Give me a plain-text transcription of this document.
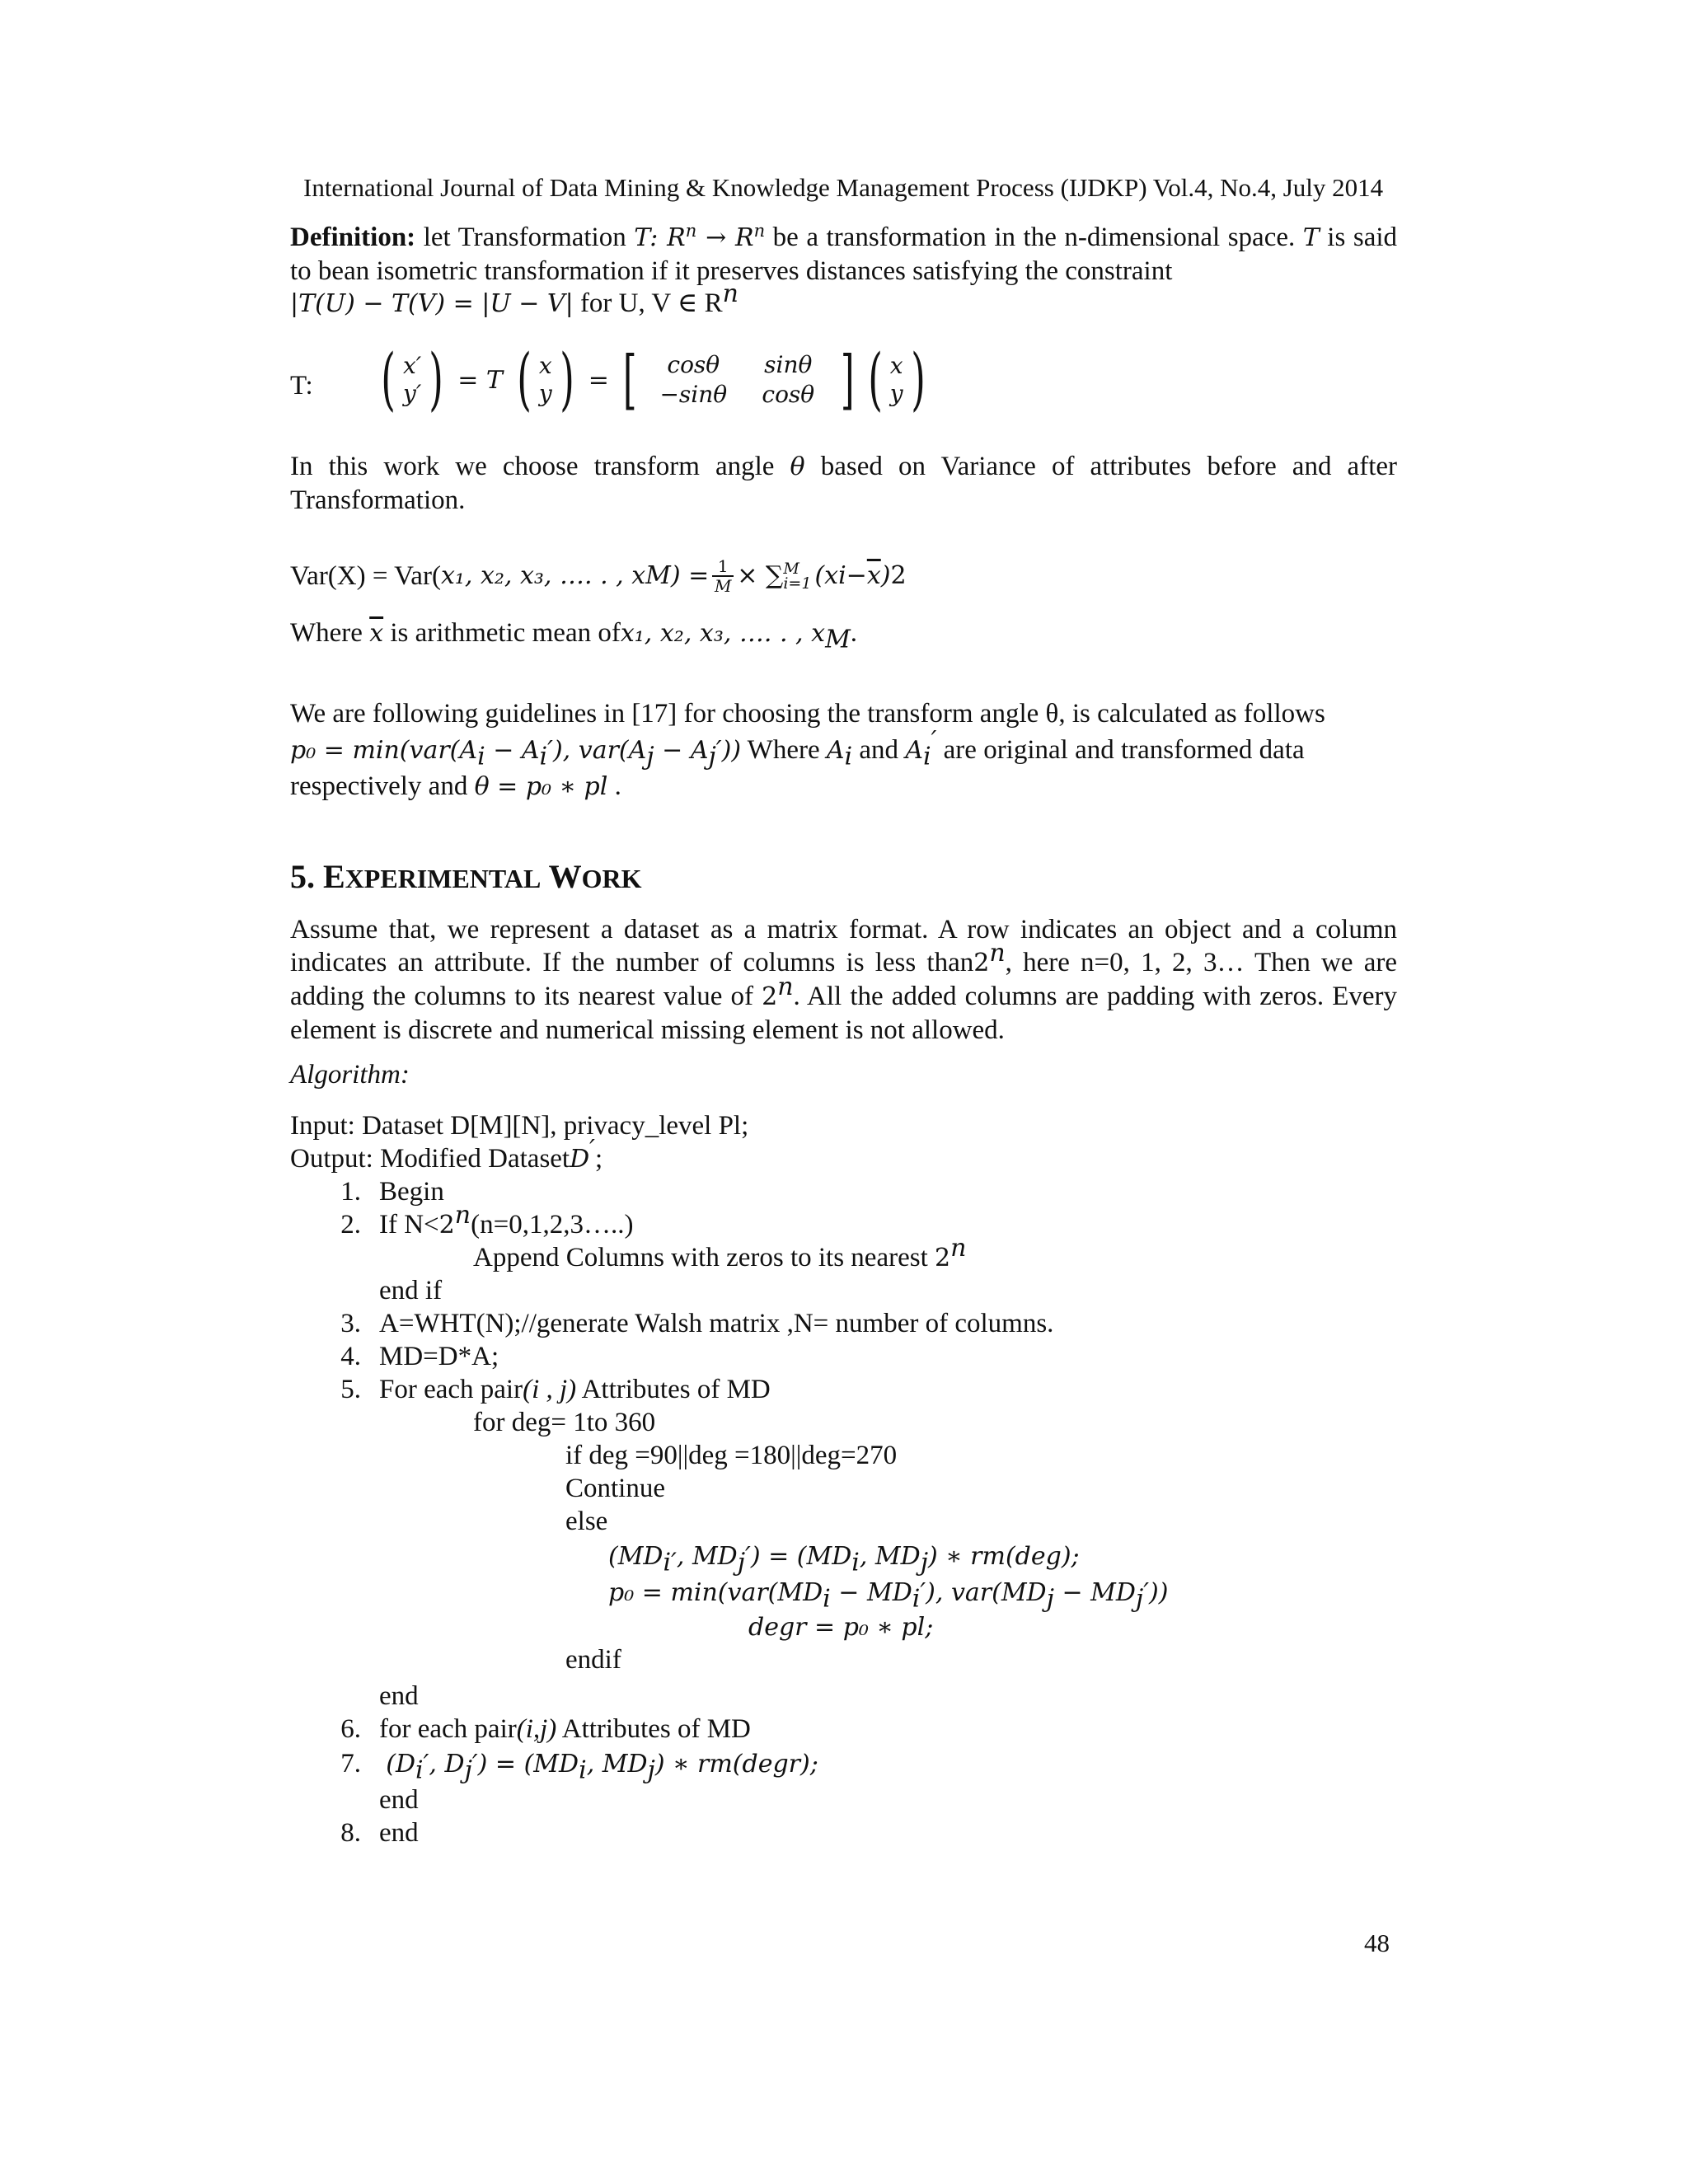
International Journal of Data Mining & Knowledge Management Process (IJDKP) Vol.4, No.4, July 2014
Definition: let Transformation T: $R^n \to R^n$ be a transformation in the n-dimensional space. T is said to bean isometric transformation if it preserves distances satisfying the constraint
|T(U) − T(V) = |U − V| for U, V ∈ $R^n$
T: ( x′
y′ ) = T ( x
y ) = [	cosθ	sinθ
−sinθ	cosθ ] ( x
y )
In this work we choose transform angle θ based on Variance of attributes before and after Transformation.
Var(X) = Var( x₁, x₂, x₃, …. . , x M ) = $\frac{1}{M}$ × ∑ M
i=1 (x $i - \overline{x}$ ) 2
Where $\overline{x}$ is arithmetic mean ofx₁, x₂, x₃, …. . , $x_M$.
We are following guidelines in [17] for choosing the transform angle θ, is calculated as follows
$p_0 = \min(var(A_i - A_i')$, $var(A_j - A_j')$) Where $A_i$ and $A_i'$ are original and transformed data
respectively and θ = p₀ ∗ pl .
5. EXPERIMENTAL WORK
Assume that, we represent a dataset as a matrix format. A row indicates an object and a column indicates an attribute. If the number of columns is less than2$^n$, here n=0, 1, 2, 3… Then we are adding the columns to its nearest value of 2$^n$. All the added columns are padding with zeros. Every element is discrete and numerical missing element is not allowed.
Algorithm:
Input: Dataset D[M][N], privacy_level Pl;
Output: Modified DatasetD′;
1. Begin
2. If $N<2^n(n=0,1,2,3\dots..)$
Append Columns with zeros to its nearest 2$^n$
end if
3. A=WHT(N);//generate Walsh matrix ,N= number of columns.
4. MD=D*A;
5. For each pair(i , j) Attributes of MD
for deg= 1to 360
if deg =90||deg =180||deg=270
Continue
else
($MD_{i'}$, $MD_j') = (MD_i$, $MD_j$) ∗ rm(deg);
$p_0 = \min(var(MD_i - MD_i')$, $var(MD_j - MD_j')$)
degr = p₀ ∗ pl;
endif
end
6. for each pair(i,j) Attributes of MD
7. ($D_i'$, $D_j') = (MD_i$, $MD_j$) ∗ rm(degr);
end
8. end
48
